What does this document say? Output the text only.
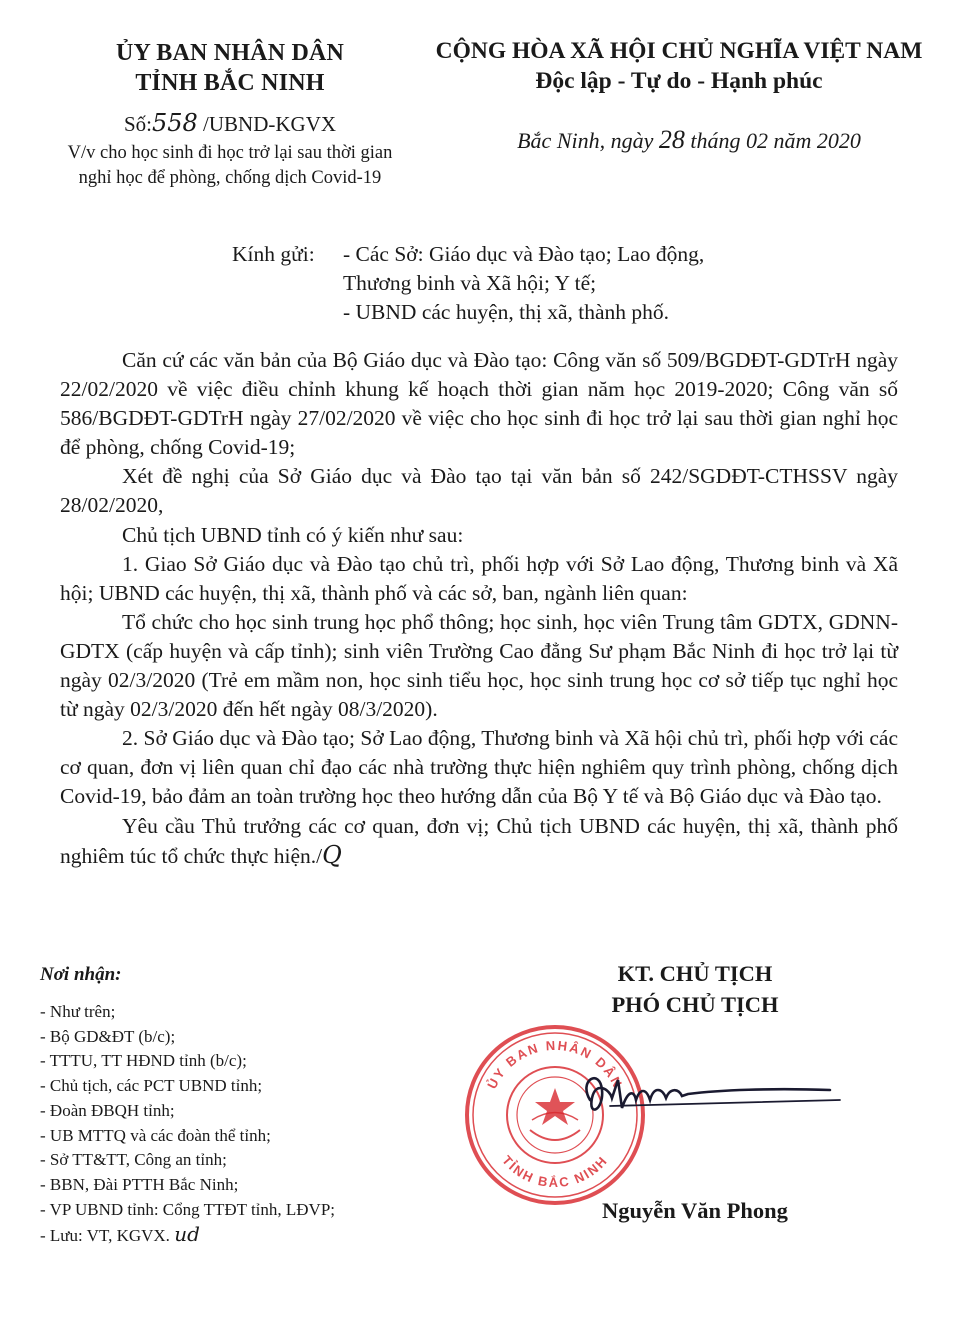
ỦY BAN NHÂN DÂN
TỈNH BẮC NINH
Số:558 /UBND-KGVX
V/v cho học sinh đi học trở lại sau thời gian
nghỉ học để phòng, chống dịch Covid-19
CỘNG HÒA XÃ HỘI CHỦ NGHĨA VIỆT NAM
Độc lập - Tự do - Hạnh phúc
Bắc Ninh, ngày 28 tháng 02 năm 2020
Kính gửi: - Các Sở: Giáo dục và Đào tạo; Lao động,
Thương binh và Xã hội; Y tế;
- UBND các huyện, thị xã, thành phố.

Căn cứ các văn bản của Bộ Giáo dục và Đào tạo: Công văn số 509/BGDĐT-GDTrH ngày 22/02/2020 về việc điều chỉnh khung kế hoạch thời gian năm học 2019-2020; Công văn số 586/BGDĐT-GDTrH ngày 27/02/2020 về việc cho học sinh đi học trở lại sau thời gian nghỉ học để phòng, chống Covid-19;

Xét đề nghị của Sở Giáo dục và Đào tạo tại văn bản số 242/SGDĐT-CTHSSV ngày 28/02/2020,

Chủ tịch UBND tỉnh có ý kiến như sau:

1. Giao Sở Giáo dục và Đào tạo chủ trì, phối hợp với Sở Lao động, Thương binh và Xã hội; UBND các huyện, thị xã, thành phố và các sở, ban, ngành liên quan:

Tổ chức cho học sinh trung học phổ thông; học sinh, học viên Trung tâm GDTX, GDNN-GDTX (cấp huyện và cấp tỉnh); sinh viên Trường Cao đẳng Sư phạm Bắc Ninh đi học trở lại từ ngày 02/3/2020 (Trẻ em mầm non, học sinh tiểu học, học sinh trung học cơ sở tiếp tục nghỉ học từ ngày 02/3/2020 đến hết ngày 08/3/2020).

2. Sở Giáo dục và Đào tạo; Sở Lao động, Thương binh và Xã hội chủ trì, phối hợp với các cơ quan, đơn vị liên quan chỉ đạo các nhà trường thực hiện nghiêm quy trình phòng, chống dịch Covid-19, bảo đảm an toàn trường học theo hướng dẫn của Bộ Y tế và Bộ Giáo dục và Đào tạo.

Yêu cầu Thủ trưởng các cơ quan, đơn vị; Chủ tịch UBND các huyện, thị xã, thành phố nghiêm túc tổ chức thực hiện./Q

Nơi nhận:
- Như trên;
- Bộ GD&ĐT (b/c);
- TTTU, TT HĐND tỉnh (b/c);
- Chủ tịch, các PCT UBND tỉnh;
- Đoàn ĐBQH tỉnh;
- UB MTTQ và các đoàn thể tỉnh;
- Sở TT&TT, Công an tỉnh;
- BBN, Đài PTTH Bắc Ninh;
- VP UBND tỉnh: Cổng TTĐT tỉnh, LĐVP;
- Lưu: VT, KGVX. ud
ỦY BAN NHÂN DÂN
TỈNH BẮC NINH
KT. CHỦ TỊCH
PHÓ CHỦ TỊCH
Nguyễn Văn Phong
